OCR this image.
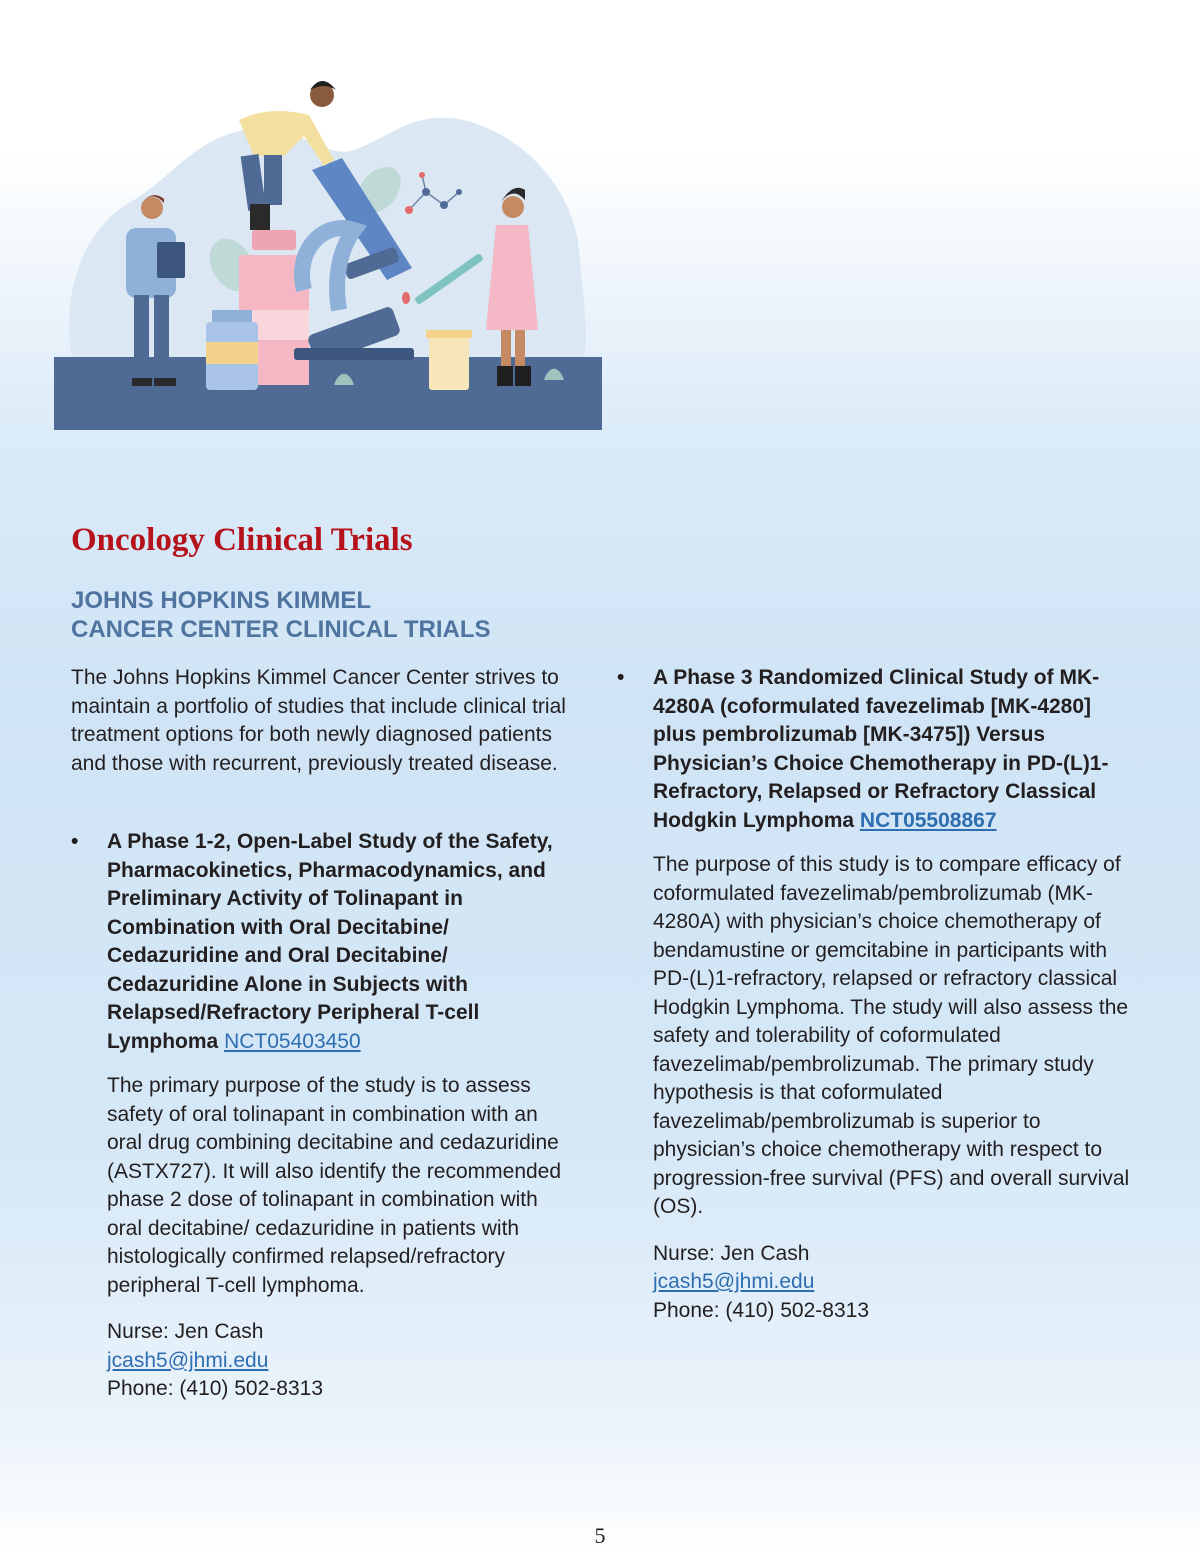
Oncology Clinical Trials
JOHNS HOPKINS KIMMEL
CANCER CENTER CLINICAL TRIALS

The Johns Hopkins Kimmel Cancer Center strives to maintain a portfolio of studies that include clinical trial treatment options for both newly diagnosed patients and those with recurrent, previously treated disease.

• A Phase 1-2, Open-Label Study of the Safety, Pharmacokinetics, Pharmacodynamics, and Preliminary Activity of Tolinapant in Combination with Oral Decitabine/ Cedazuridine and Oral Decitabine/ Cedazuridine Alone in Subjects with Relapsed/Refractory Peripheral T-cell Lymphoma NCT05403450

The primary purpose of the study is to assess safety of oral tolinapant in combination with an oral drug combining decitabine and cedazuridine (ASTX727). It will also identify the recommended phase 2 dose of tolinapant in combination with oral decitabine/ cedazuridine in patients with histologically confirmed relapsed/refractory peripheral T-cell lymphoma.

Nurse: Jen Cash
jcash5@jhmi.edu
Phone: (410) 502-8313
• A Phase 3 Randomized Clinical Study of MK-4280A (coformulated favezelimab [MK-4280] plus pembrolizumab [MK-3475]) Versus Physician’s Choice Chemotherapy in PD-(L)1-Refractory, Relapsed or Refractory Classical Hodgkin Lymphoma NCT05508867

The purpose of this study is to compare efficacy of coformulated favezelimab/pembrolizumab (MK-4280A) with physician’s choice chemotherapy of bendamustine or gemcitabine in participants with PD-(L)1-refractory, relapsed or refractory classical Hodgkin Lymphoma. The study will also assess the safety and tolerability of coformulated favezelimab/pembrolizumab. The primary study hypothesis is that coformulated favezelimab/pembrolizumab is superior to physician’s choice chemotherapy with respect to progression-free survival (PFS) and overall survival (OS).

Nurse: Jen Cash
jcash5@jhmi.edu
Phone: (410) 502-8313
5
